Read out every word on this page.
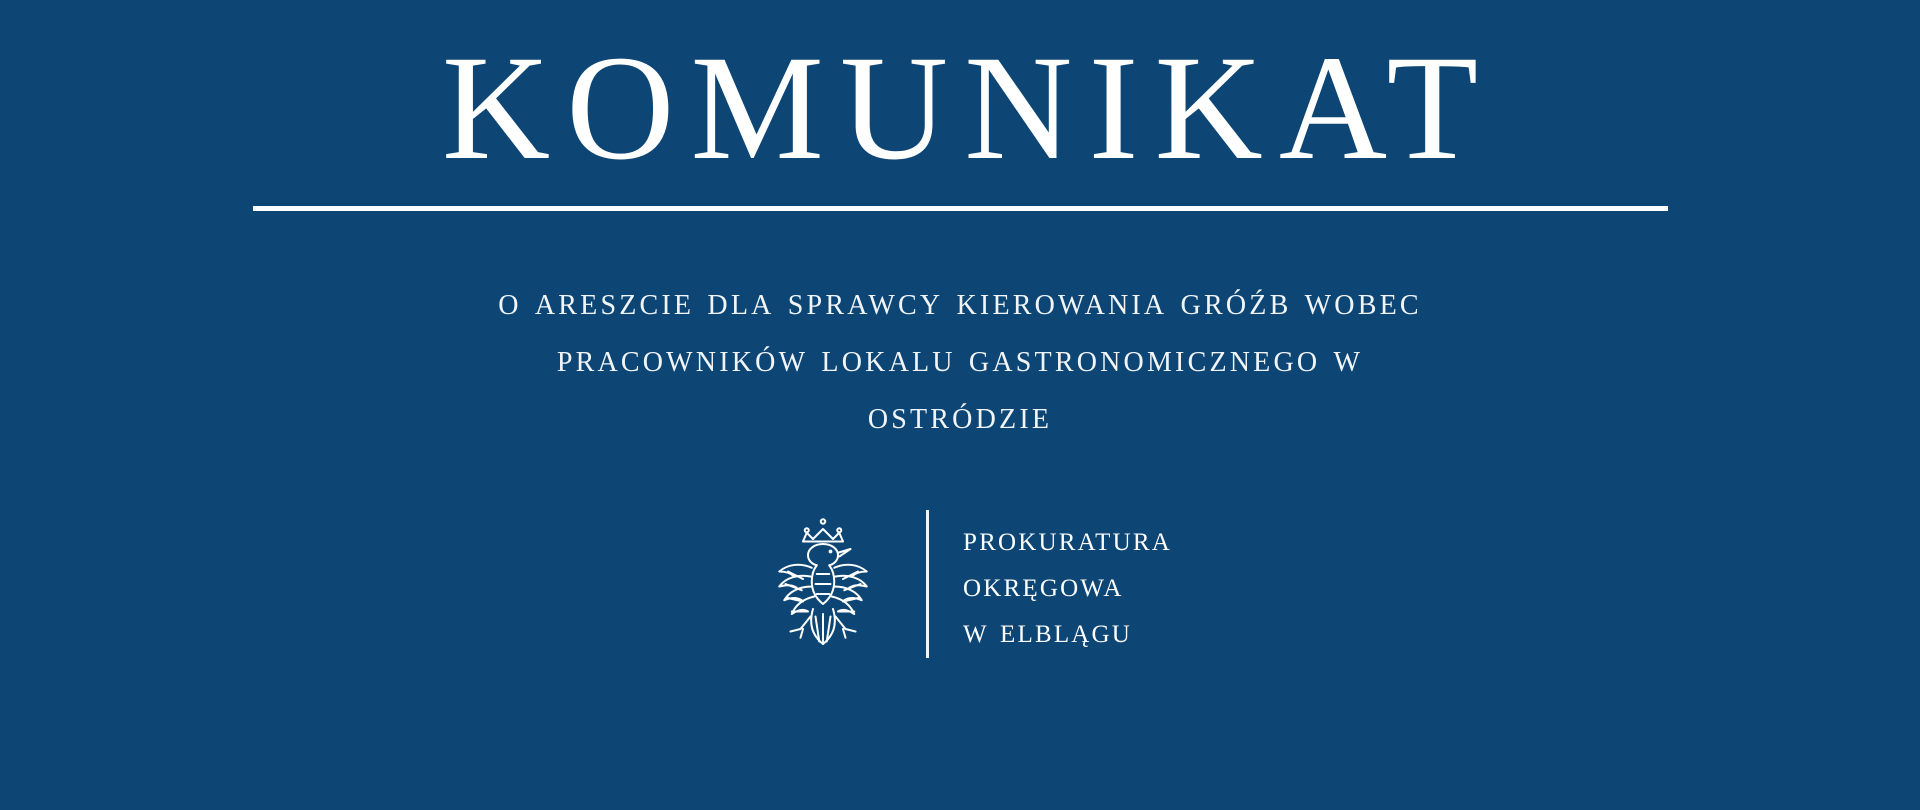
KOMUNIKAT
o areszcie dla sprawcy kierowania gróźb wobec
pracowników lokalu gastronomicznego w
ostródzie
prokuratura
okręgowa
w elblągu
